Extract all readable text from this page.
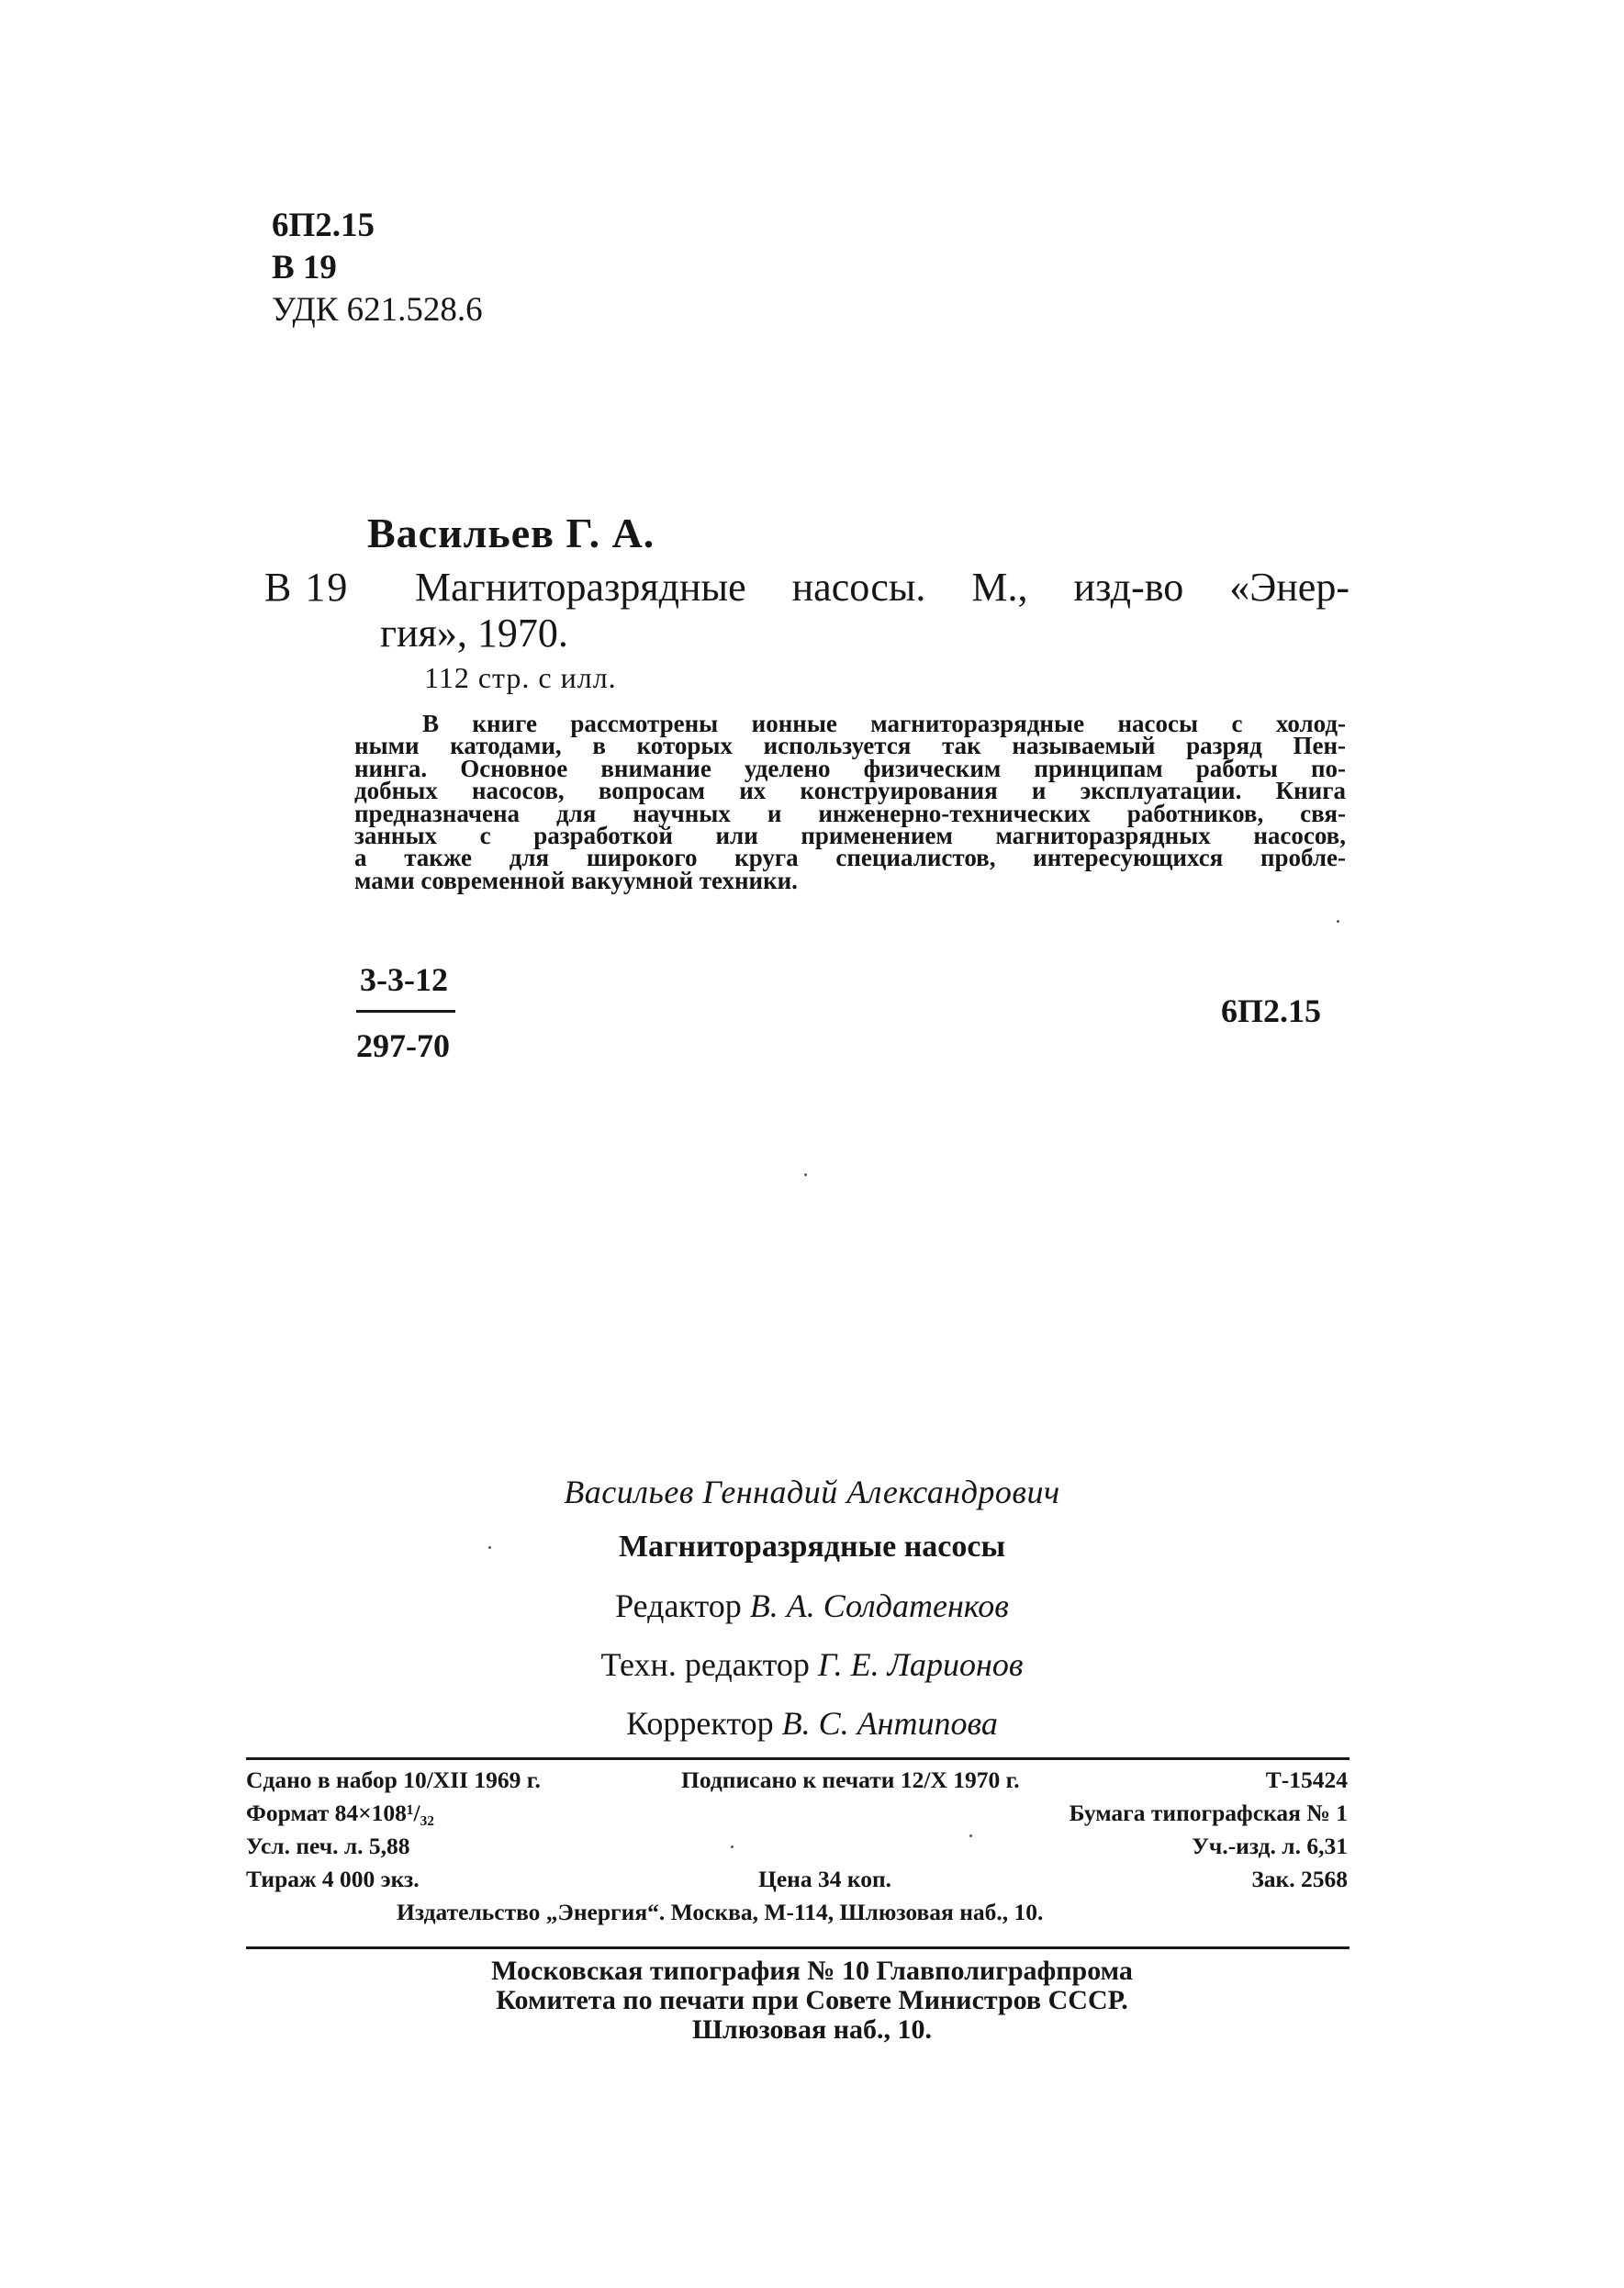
6П2.15
В 19
УДК 621.528.6
Васильев Г. А.
В 19 Магниторазрядные насосы. М., изд-во «Энер-
гия», 1970.
112 стр. с илл.
В книге рассмотрены ионные магниторазрядные насосы с холод-
ными катодами, в которых используется так называемый разряд Пен-
нинга. Основное внимание уделено физическим принципам работы по-
добных насосов, вопросам их конструирования и эксплуатации. Книга
предназначена для научных и инженерно-технических работников, свя-
занных с разработкой или применением магниторазрядных насосов,
а также для широкого круга специалистов, интересующихся пробле-
мами современной вакуумной техники.
3-3-12
297-70
6П2.15
Васильев Геннадий Александрович
Магниторазрядные насосы
Редактор В. А. Солдатенков
Техн. редактор Г. Е. Ларионов
Корректор В. С. Антипова
Сдано в набор 10/XII 1969 г.	Подписано к печати 12/X 1970 г.	Т-15424
Формат 84×108¹/₃₂	Бумага типографская № 1
Усл. печ. л. 5,88	Уч.-изд. л. 6,31
Тираж 4 000 экз.	Цена 34 коп.	Зак. 2568
Издательство „Энергия“. Москва, М-114, Шлюзовая наб., 10.
Московская типография № 10 Главполиграфпрома
Комитета по печати при Совете Министров СССР.
Шлюзовая наб., 10.
